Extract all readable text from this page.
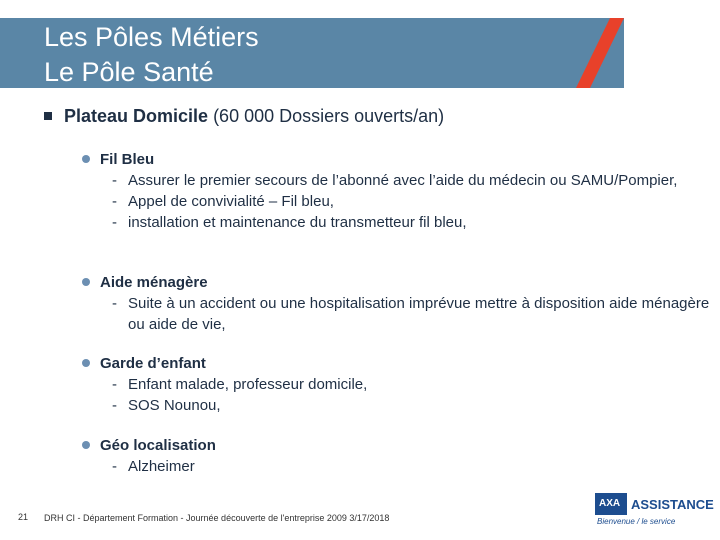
Les Pôles Métiers
Le Pôle Santé
Plateau Domicile (60 000 Dossiers ouverts/an)
Fil Bleu
- Assurer le premier secours de l’abonné avec l’aide du médecin ou SAMU/Pompier,
- Appel de convivialité – Fil bleu,
- installation et maintenance du transmetteur fil bleu,
Aide ménagère
- Suite à un accident ou une hospitalisation imprévue mettre à disposition aide ménagère ou aide de vie,
Garde d’enfant
- Enfant malade, professeur domicile,
- SOS Nounou,
Géo localisation
- Alzheimer
21 DRH CI - Département Formation - Journée découverte de l'entreprise 2009 3/17/2018
AXA ASSISTANCE
Bienvenue / le service
